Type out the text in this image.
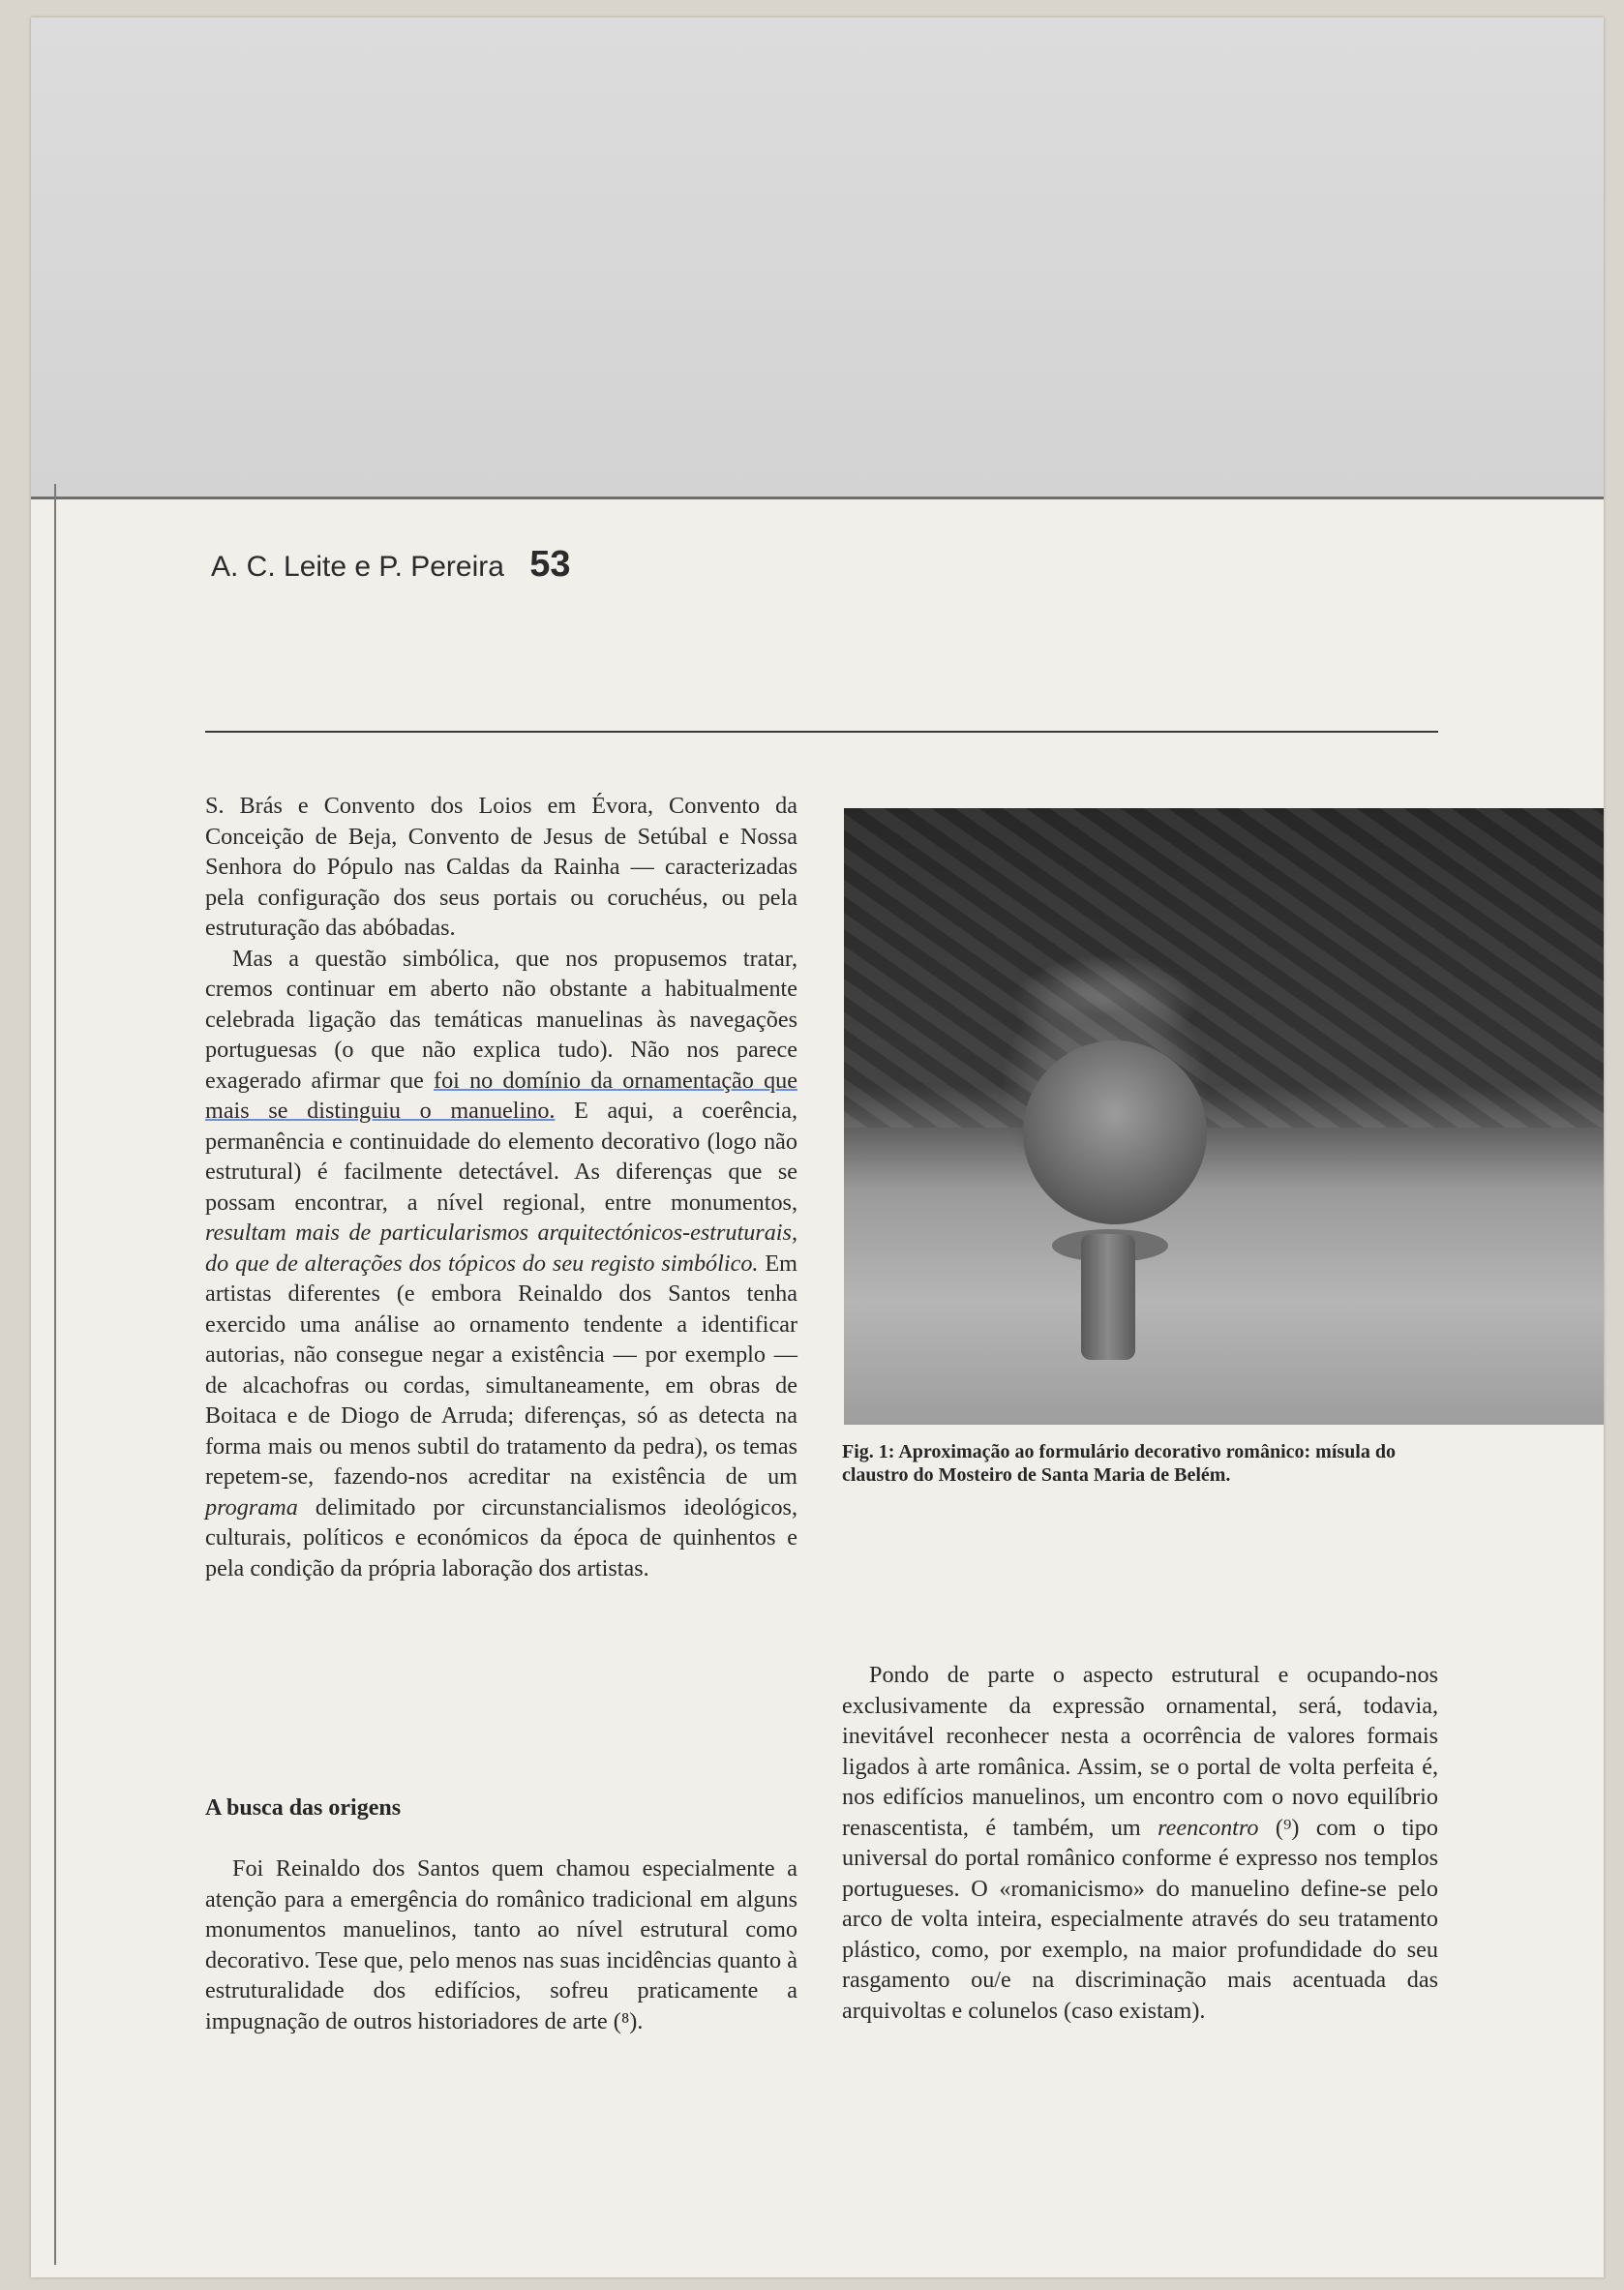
A. C. Leite e P. Pereira 53

S. Brás e Convento dos Loios em Évora, Convento da Conceição de Beja, Convento de Jesus de Setúbal e Nossa Senhora do Pópulo nas Caldas da Rainha — caracterizadas pela configuração dos seus portais ou coruchéus, ou pela estruturação das abóbadas.

Mas a questão simbólica, que nos propusemos tratar, cremos continuar em aberto não obstante a habitualmente celebrada ligação das temáticas manuelinas às navegações portuguesas (o que não explica tudo). Não nos parece exagerado afirmar que foi no domínio da ornamentação que mais se distinguiu o manuelino. E aqui, a coerência, permanência e continuidade do elemento decorativo (logo não estrutural) é facilmente detectável. As diferenças que se possam encontrar, a nível regional, entre monumentos, resultam mais de particularismos arquitectónicos-estruturais, do que de alterações dos tópicos do seu registo simbólico. Em artistas diferentes (e embora Reinaldo dos Santos tenha exercido uma análise ao ornamento tendente a identificar autorias, não consegue negar a existência — por exemplo — de alcachofras ou cordas, simultaneamente, em obras de Boitaca e de Diogo de Arruda; diferenças, só as detecta na forma mais ou menos subtil do tratamento da pedra), os temas repetem-se, fazendo-nos acreditar na existência de um programa delimitado por circunstancialismos ideológicos, culturais, políticos e económicos da época de quinhentos e pela condição da própria laboração dos artistas.

A busca das origens

Foi Reinaldo dos Santos quem chamou especialmente a atenção para a emergência do românico tradicional em alguns monumentos manuelinos, tanto ao nível estrutural como decorativo. Tese que, pelo menos nas suas incidências quanto à estruturalidade dos edifícios, sofreu praticamente a impugnação de outros historiadores de arte (⁸).

Fig. 1: Aproximação ao formulário decorativo românico: mísula do claustro do Mosteiro de Santa Maria de Belém.

Pondo de parte o aspecto estrutural e ocupando-nos exclusivamente da expressão ornamental, será, todavia, inevitável reconhecer nesta a ocorrência de valores formais ligados à arte românica. Assim, se o portal de volta perfeita é, nos edifícios manuelinos, um encontro com o novo equilíbrio renascentista, é também, um reencontro (⁹) com o tipo universal do portal românico conforme é expresso nos templos portugueses. O «romanicismo» do manuelino define-se pelo arco de volta inteira, especialmente através do seu tratamento plástico, como, por exemplo, na maior profundidade do seu rasgamento ou/e na discriminação mais acentuada das arquivoltas e colunelos (caso existam).
